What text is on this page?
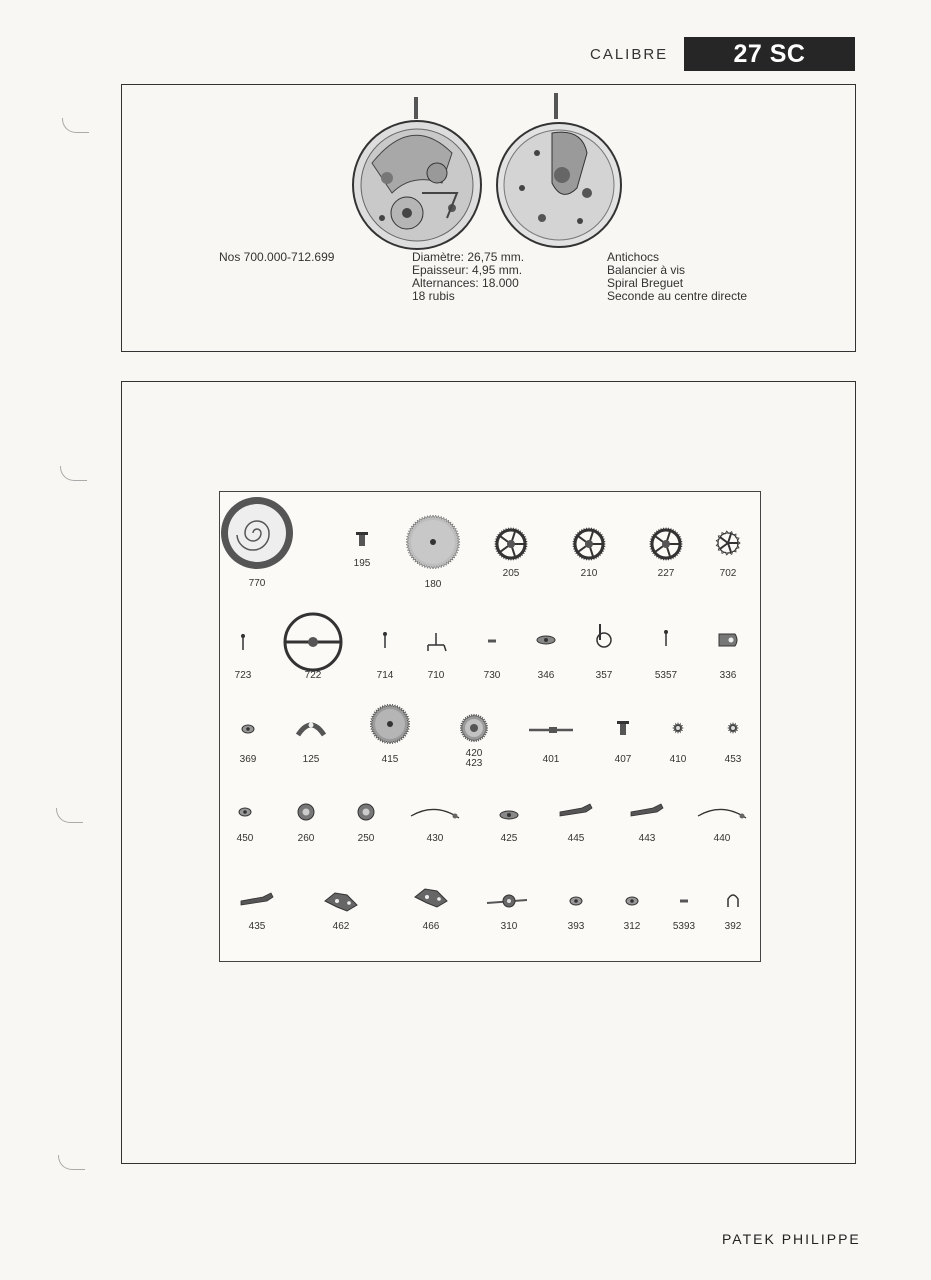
CALIBRE	27 SC
Nos 700.000-712.699	Diamètre: 26,75 mm.
Epaisseur: 4,95 mm.
Alternances: 18.000
18 rubis
Antichocs
Balancier à vis
Spiral Breguet
Seconde au centre directe
770
195
180
205	210	227	702
723	722	714	710	730	346	357	5357	336
369	125	415
420
423	401	407	410	453
450	260	250	430	425	445	443	440
435	462	466	310	393	312	5393	392
PATEK PHILIPPE
